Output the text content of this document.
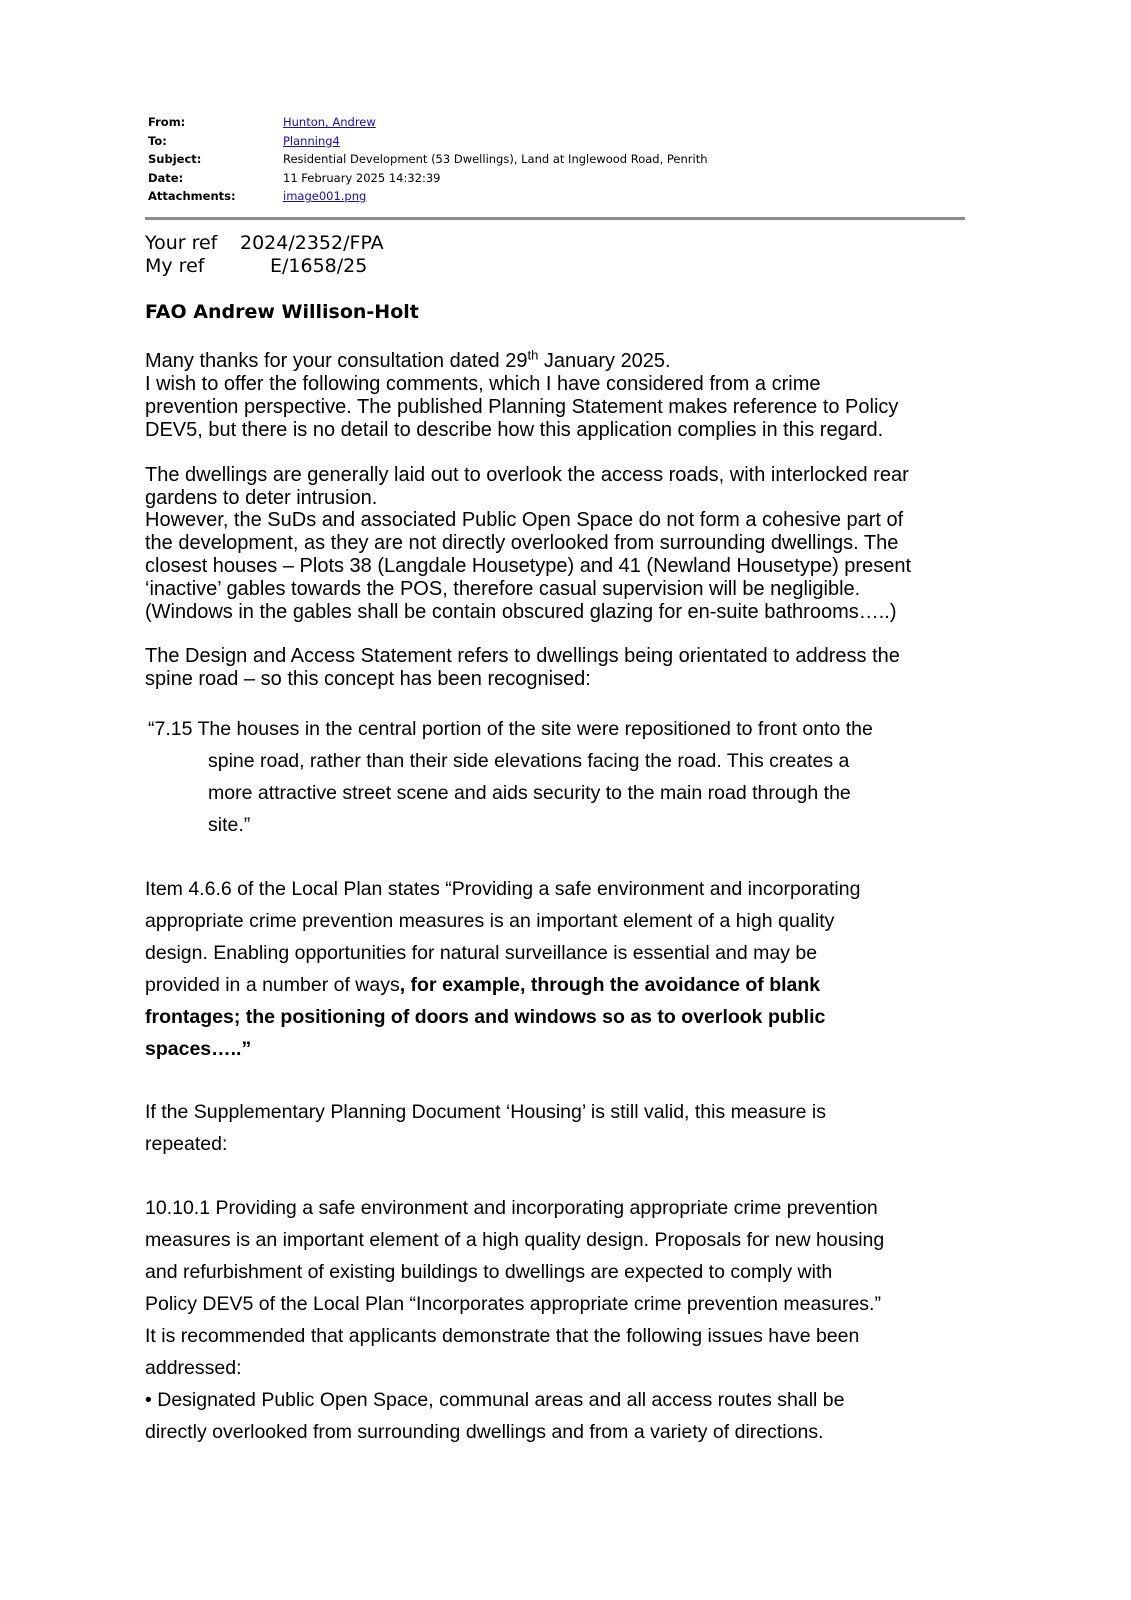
From:	Hunton, Andrew
To:	Planning4
Subject:	Residential Development (53 Dwellings), Land at Inglewood Road, Penrith
Date:	11 February 2025 14:32:39
Attachments:	image001.png
Your ref 2024/2352/FPA
My ref	E/1658/25
FAO Andrew Willison-Holt
Many thanks for your consultation dated 29th January 2025.
I wish to offer the following comments, which I have considered from a crime
prevention perspective. The published Planning Statement makes reference to Policy
DEV5, but there is no detail to describe how this application complies in this regard.
The dwellings are generally laid out to overlook the access roads, with interlocked rear
gardens to deter intrusion.
However, the SuDs and associated Public Open Space do not form a cohesive part of
the development, as they are not directly overlooked from surrounding dwellings. The
closest houses – Plots 38 (Langdale Housetype) and 41 (Newland Housetype) present
‘inactive’ gables towards the POS, therefore casual supervision will be negligible.
(Windows in the gables shall be contain obscured glazing for en-suite bathrooms…..)
The Design and Access Statement refers to dwellings being orientated to address the
spine road – so this concept has been recognised:
“7.15 The houses in the central portion of the site were repositioned to front onto the
spine road, rather than their side elevations facing the road. This creates a
more attractive street scene and aids security to the main road through the
site.”
Item 4.6.6 of the Local Plan states “Providing a safe environment and incorporating
appropriate crime prevention measures is an important element of a high quality
design. Enabling opportunities for natural surveillance is essential and may be
provided in a number of ways, for example, through the avoidance of blank
frontages; the positioning of doors and windows so as to overlook public
spaces…..”
If the Supplementary Planning Document ‘Housing’ is still valid, this measure is
repeated:
10.10.1 Providing a safe environment and incorporating appropriate crime prevention
measures is an important element of a high quality design. Proposals for new housing
and refurbishment of existing buildings to dwellings are expected to comply with
Policy DEV5 of the Local Plan “Incorporates appropriate crime prevention measures.”
It is recommended that applicants demonstrate that the following issues have been
addressed:
• Designated Public Open Space, communal areas and all access routes shall be
directly overlooked from surrounding dwellings and from a variety of directions.
